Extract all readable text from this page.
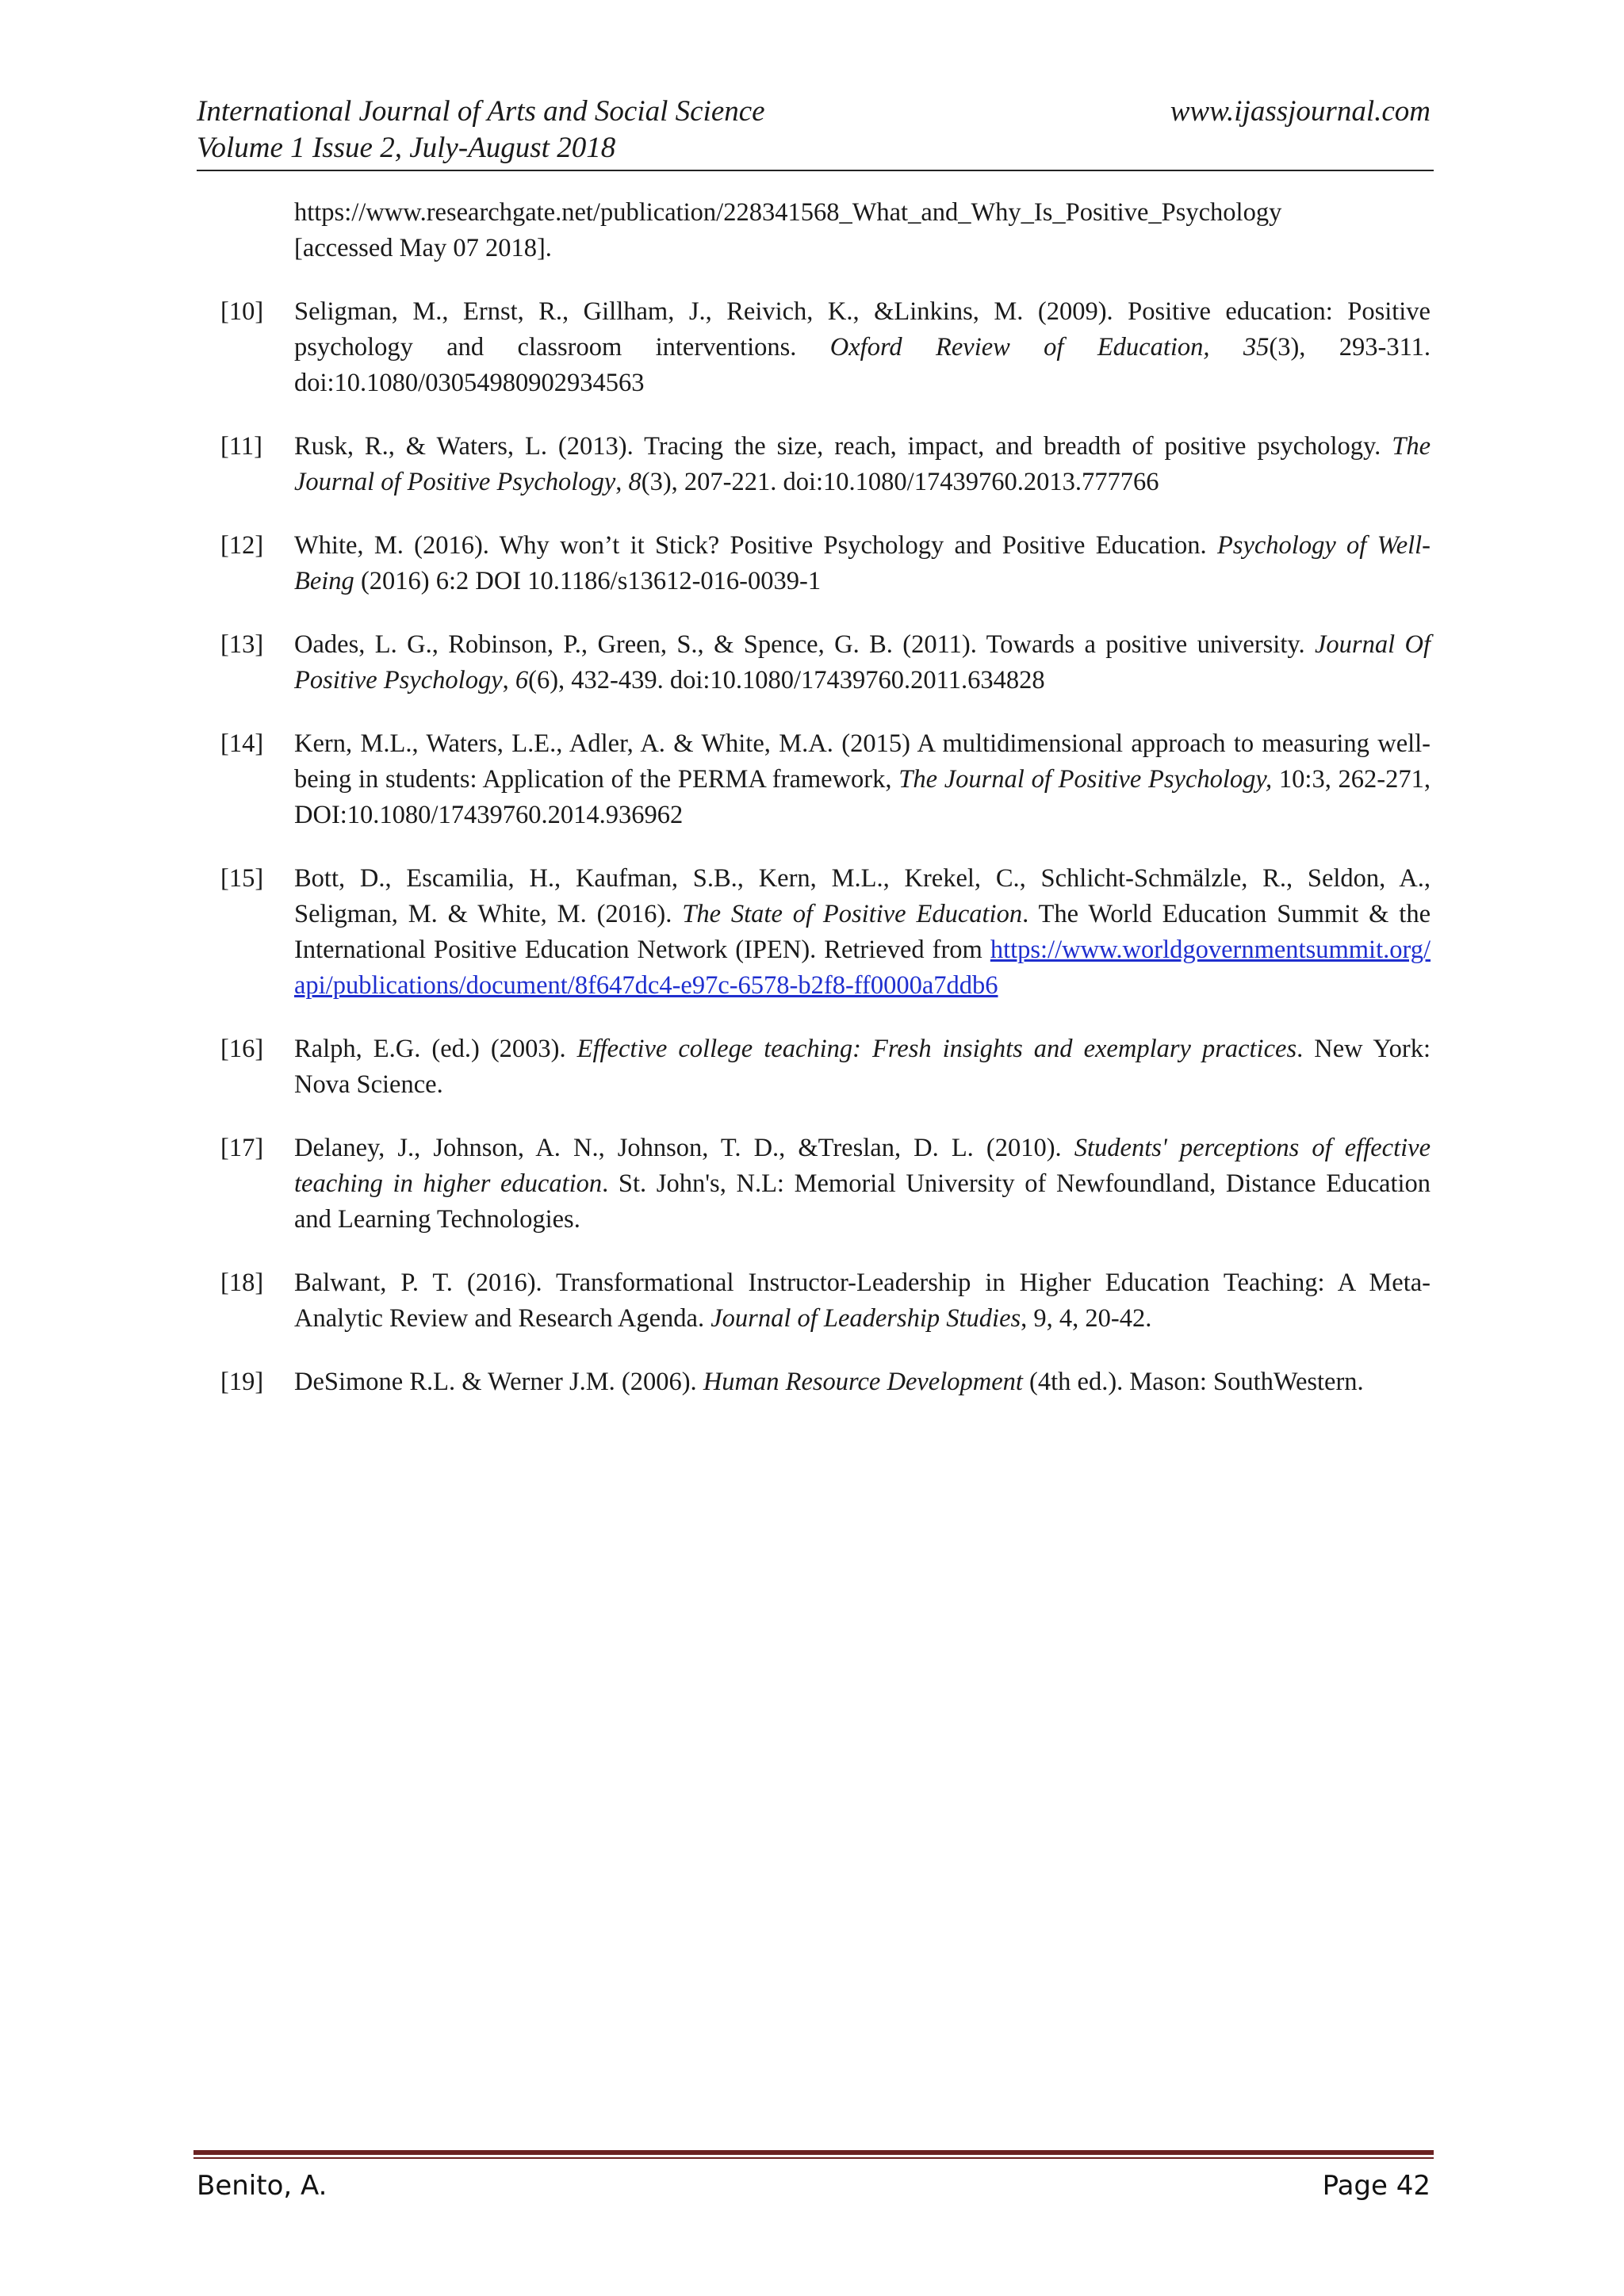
International Journal of Arts and Social Science	www.ijassjournal.com
Volume 1 Issue 2, July-August 2018
https://www.researchgate.net/publication/228341568_What_and_Why_Is_Positive_Psychology
[accessed May 07 2018].
[10] Seligman, M., Ernst, R., Gillham, J., Reivich, K., &Linkins, M. (2009). Positive education: Positive psychology and classroom interventions. Oxford Review of Education, 35(3), 293-311. doi:10.1080/03054980902934563
[11] Rusk, R., & Waters, L. (2013). Tracing the size, reach, impact, and breadth of positive psychology. The Journal of Positive Psychology, 8(3), 207-221. doi:10.1080/17439760.2013.777766
[12] White, M. (2016). Why won’t it Stick? Positive Psychology and Positive Education. Psychology of Well-Being (2016) 6:2 DOI 10.1186/s13612-016-0039-1
[13] Oades, L. G., Robinson, P., Green, S., & Spence, G. B. (2011). Towards a positive university. Journal Of Positive Psychology, 6(6), 432-439. doi:10.1080/17439760.2011.634828
[14] Kern, M.L., Waters, L.E., Adler, A. & White, M.A. (2015) A multidimensional approach to measuring well-being in students: Application of the PERMA framework, The Journal of Positive Psychology, 10:3, 262-271, DOI:10.1080/17439760.2014.936962
[15] Bott, D., Escamilia, H., Kaufman, S.B., Kern, M.L., Krekel, C., Schlicht-Schmälzle, R., Seldon, A., Seligman, M. & White, M. (2016). The State of Positive Education. The World Education Summit & the International Positive Education Network (IPEN). Retrieved from https://www.worldgovernmentsummit.org/api/publications/document/8f647dc4-e97c-6578-b2f8-ff0000a7ddb6
[16] Ralph, E.G. (ed.) (2003). Effective college teaching: Fresh insights and exemplary practices. New York: Nova Science.
[17] Delaney, J., Johnson, A. N., Johnson, T. D., &Treslan, D. L. (2010). Students' perceptions of effective teaching in higher education. St. John's, N.L: Memorial University of Newfoundland, Distance Education and Learning Technologies.
[18] Balwant, P. T. (2016). Transformational Instructor-Leadership in Higher Education Teaching: A Meta-Analytic Review and Research Agenda. Journal of Leadership Studies, 9, 4, 20-42.
[19] DeSimone R.L. & Werner J.M. (2006). Human Resource Development (4th ed.). Mason: SouthWestern.
Benito, A.	Page 42
